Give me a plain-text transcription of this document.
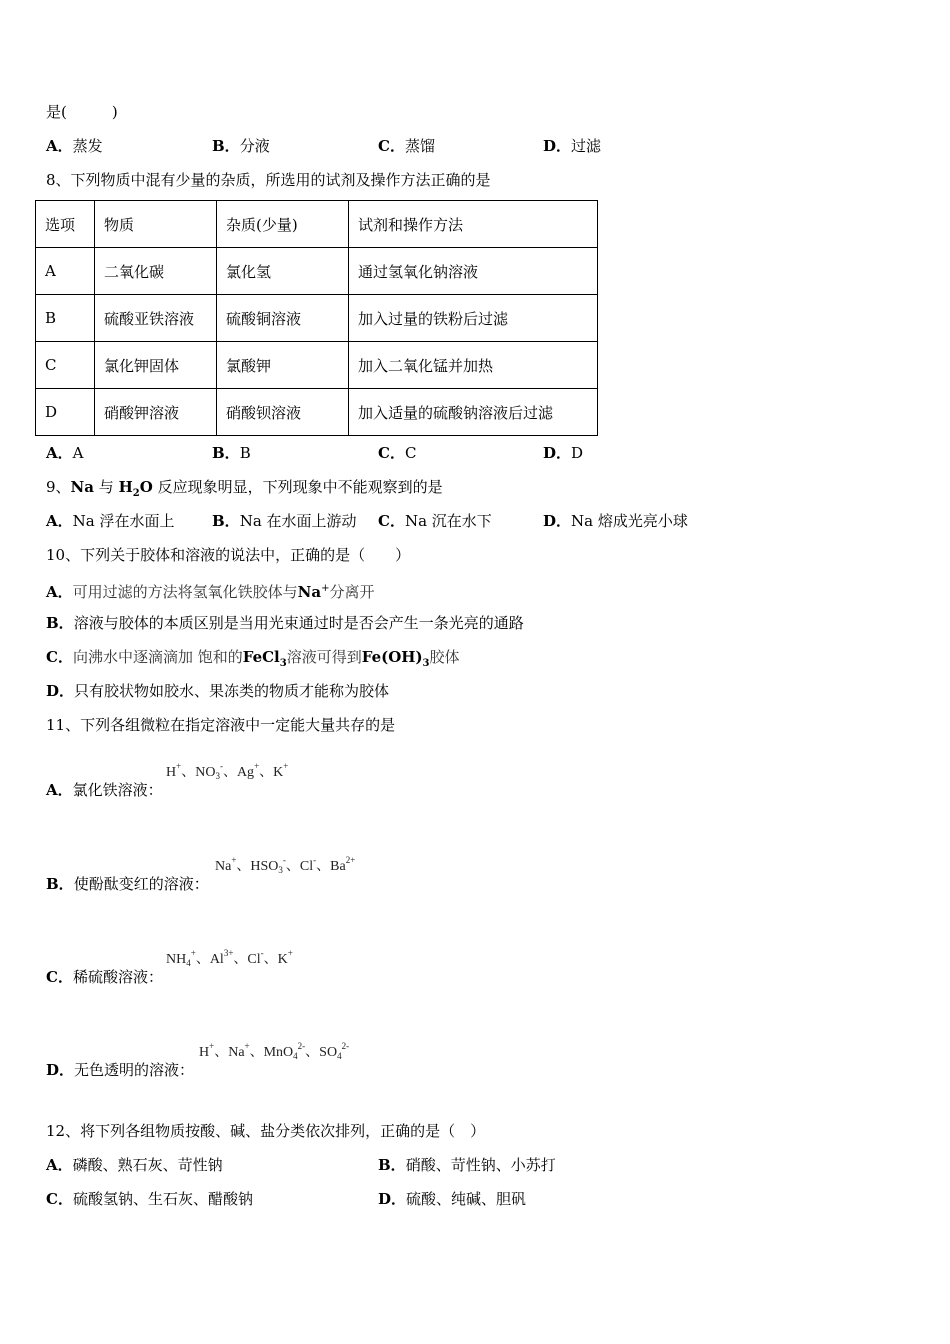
是(　　　)
A．蒸发	B．分液	C．蒸馏	D．过滤
8、下列物质中混有少量的杂质，所选用的试剂及操作方法正确的是
选项	物质	杂质(少量)	试剂和操作方法
A	二氧化碳	氯化氢	通过氢氧化钠溶液
B	硫酸亚铁溶液	硫酸铜溶液	加入过量的铁粉后过滤
C	氯化钾固体	氯酸钾	加入二氧化锰并加热
D	硝酸钾溶液	硝酸钡溶液	加入适量的硫酸钠溶液后过滤
A．A	B．B	C．C	D．D
9、Na 与 $H_2O$ 反应现象明显，下列现象中不能观察到的是
A．Na 浮在水面上	B．Na 在水面上游动 C．Na 沉在水下	D．Na 熔成光亮小球
10、下列关于胶体和溶液的说法中，正确的是（　　）
A．可用过滤的方法将氢氧化铁胶体与Na+分离开
B．溶液与胶体的本质区别是当用光束通过时是否会产生一条光亮的通路
C．向沸水中逐滴滴加 饱和的FeCl$_3$溶液可得到$Fe(OH)_3$胶体
D．只有胶状物如胶水、果冻类的物质才能称为胶体
11、下列各组微粒在指定溶液中一定能大量共存的是
A．氯化铁溶液：
H+、$NO_3^-$、Ag+、K+
B．使酚酞变红的溶液：
Na+、$HSO_3^-$、Cl-、$Ba^{2+}$
C．稀硫酸溶液：
$NH_4^+$、$Al^{3+}$、Cl-、K+
D．无色透明的溶液：
H+、Na+、MnO$_4^{2-}$、$SO_4^{2-}$
12、将下列各组物质按酸、碱、盐分类依次排列，正确的是（　）
A．磷酸、熟石灰、苛性钠	B．硝酸、苛性钠、小苏打
C．硫酸氢钠、生石灰、醋酸钠	D．硫酸、纯碱、胆矾
